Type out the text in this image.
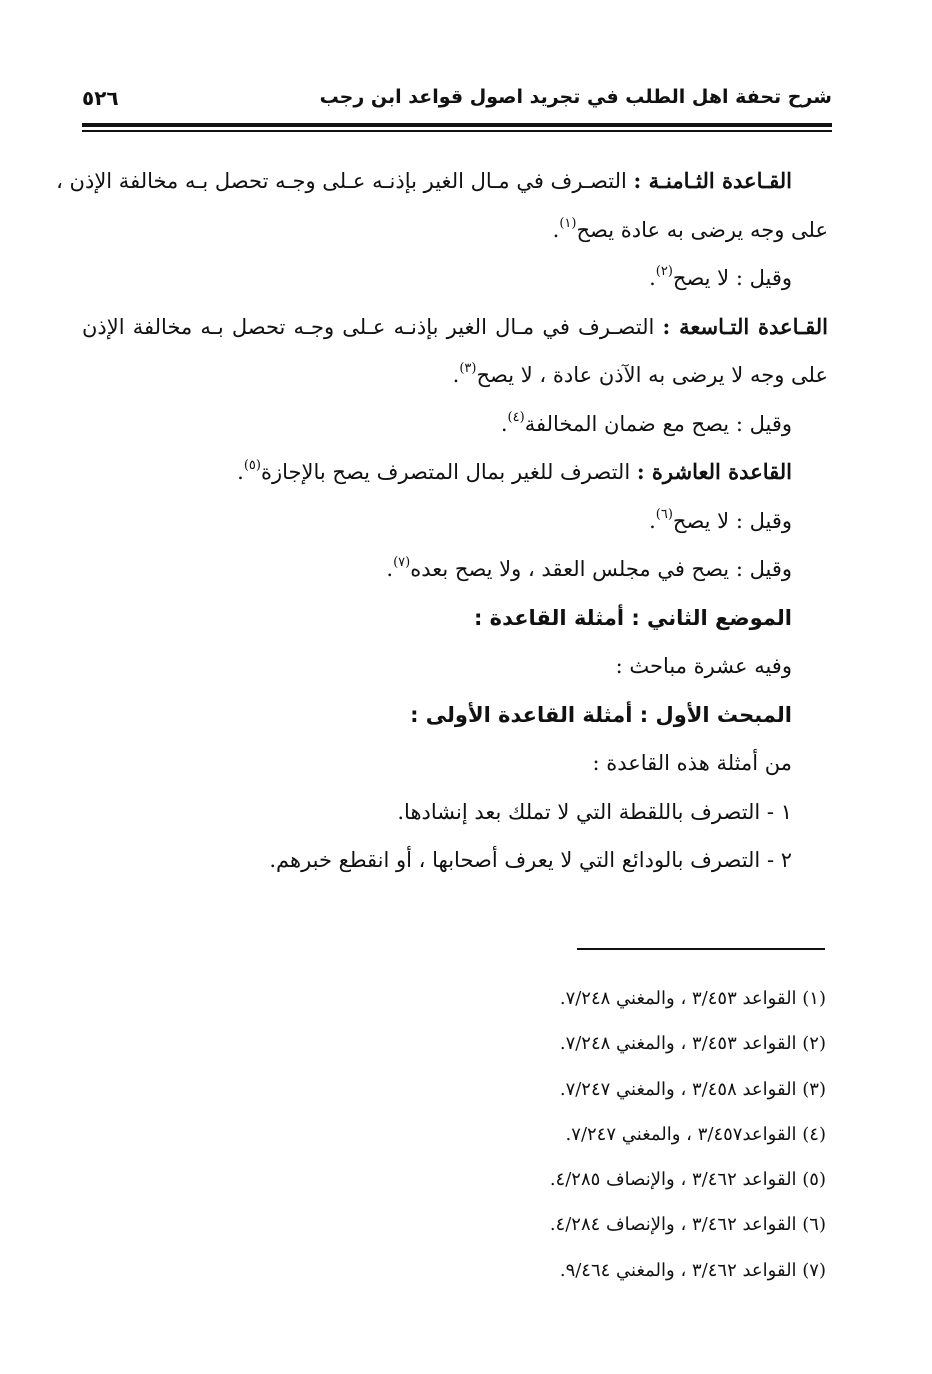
شرح تحفة اهل الطلب في تجريد اصول قواعد ابن رجب
٥٢٦

القـاعدة الثـامنـة : التصـرف في مـال الغير بإذنـه عـلى وجـه تحصل بـه مخالفة الإذن ،

على وجه يرضى به عادة يصح$^{(١)}$.

وقيل : لا يصح$^{(٢)}$.

القـاعدة التـاسعة : التصـرف في مـال الغير بإذنـه عـلى وجـه تحصل بـه مخالفة الإذن

على وجه لا يرضى به الآذن عادة ، لا يصح$^{(٣)}$.

وقيل : يصح مع ضمان المخالفة$^{(٤)}$.

القاعدة العاشرة : التصرف للغير بمال المتصرف يصح بالإجازة$^{(٥)}$.

وقيل : لا يصح$^{(٦)}$.

وقيل : يصح في مجلس العقد ، ولا يصح بعده$^{(٧)}$.

الموضع الثاني : أمثلة القاعدة :

وفيه عشرة مباحث :

المبحث الأول : أمثلة القاعدة الأولى :

من أمثلة هذه القاعدة :

١ - التصرف باللقطة التي لا تملك بعد إنشادها.

٢ - التصرف بالودائع التي لا يعرف أصحابها ، أو انقطع خبرهم.

(١) القواعد ٣/٤٥٣ ، والمغني ٧/٢٤٨.

(٢) القواعد ٣/٤٥٣ ، والمغني ٧/٢٤٨.

(٣) القواعد ٣/٤٥٨ ، والمغني ٧/٢٤٧.

(٤) القواعد٣/٤٥٧ ، والمغني ٧/٢٤٧.

(٥) القواعد ٣/٤٦٢ ، والإنصاف ٤/٢٨٥.

(٦) القواعد ٣/٤٦٢ ، والإنصاف ٤/٢٨٤.

(٧) القواعد ٣/٤٦٢ ، والمغني ٩/٤٦٤.
